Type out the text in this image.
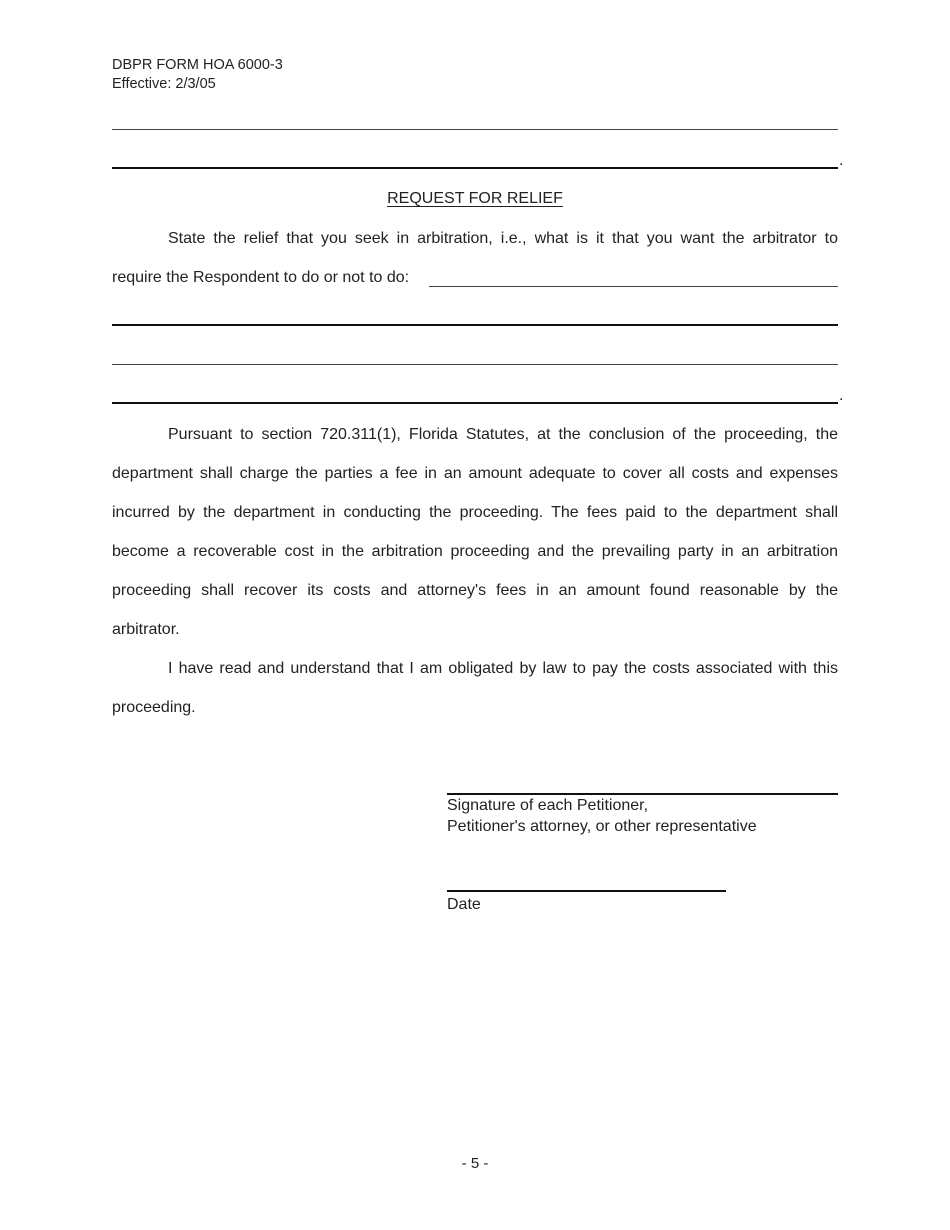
DBPR FORM HOA 6000-3
Effective: 2/3/05
.
REQUEST FOR RELIEF
State the relief that you seek in arbitration, i.e., what is it that you want the arbitrator to
require the Respondent to do or not to do:
.
Pursuant to section 720.311(1), Florida Statutes, at the conclusion of the proceeding, the
department shall charge the parties a fee in an amount adequate to cover all costs and expenses
incurred by the department in conducting the proceeding. The fees paid to the department shall
become a recoverable cost in the arbitration proceeding and the prevailing party in an arbitration
proceeding shall recover its costs and attorney's fees in an amount found reasonable by the
arbitrator.
I have read and understand that I am obligated by law to pay the costs associated with this
proceeding.
Signature of each Petitioner,
Petitioner's attorney, or other representative
Date
- 5 -
